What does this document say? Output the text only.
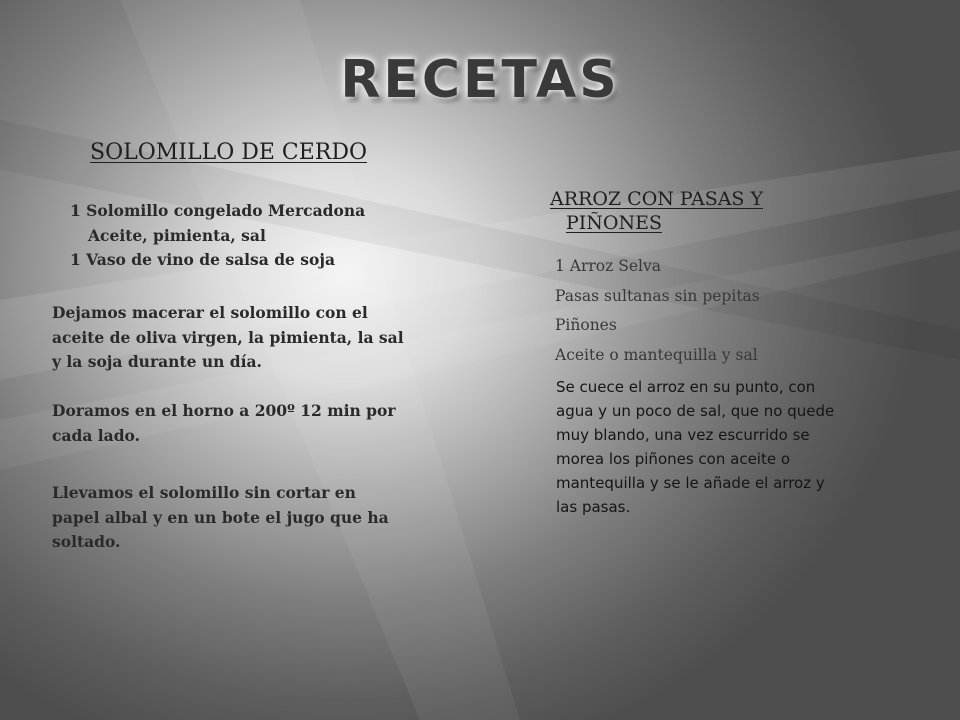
RECETAS
SOLOMILLO DE CERDO
1 Solomillo congelado Mercadona
Aceite, pimienta, sal
1 Vaso de vino de salsa de soja
Dejamos macerar el solomillo con el
aceite de oliva virgen, la pimienta, la sal
y la soja durante un día.
Doramos en el horno a 200º 12 min por
cada lado.
Llevamos el solomillo sin cortar en
papel albal y en un bote el jugo que ha
soltado.
ARROZ CON PASAS Y
PIÑONES
1 Arroz Selva
Pasas sultanas sin pepitas
Piñones
Aceite o mantequilla y sal
Se cuece el arroz en su punto, con
agua y un poco de sal, que no quede
muy blando, una vez escurrido se
morea los piñones con aceite o
mantequilla y se le añade el arroz y
las pasas.
